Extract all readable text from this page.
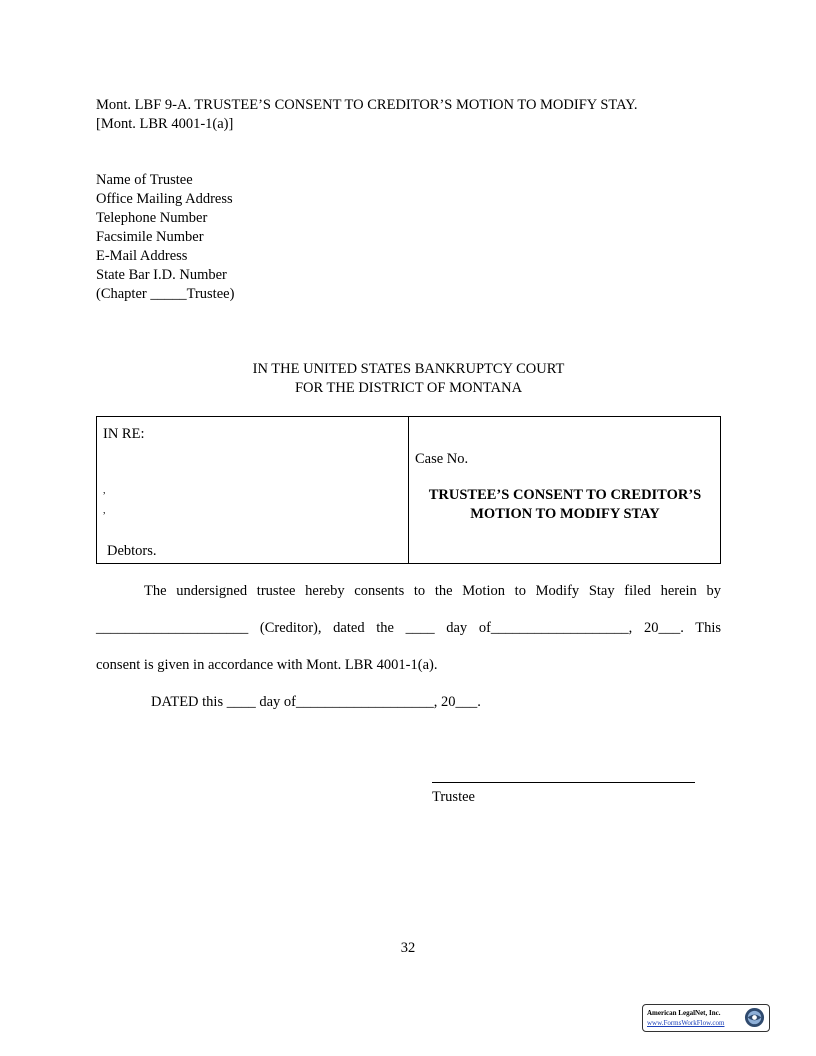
Mont. LBF 9-A. TRUSTEE’S CONSENT TO CREDITOR’S MOTION TO MODIFY STAY.
[Mont. LBR 4001-1(a)]
Name of Trustee
Office Mailing Address
Telephone Number
Facsimile Number
E-Mail Address
State Bar I.D. Number
(Chapter _____Trustee)
IN THE UNITED STATES BANKRUPTCY COURT
FOR THE DISTRICT OF MONTANA
IN RE:
,
,
Debtors.
Case No.
TRUSTEE’S CONSENT TO CREDITOR’S MOTION TO MODIFY STAY
The undersigned trustee hereby consents to the Motion to Modify Stay filed herein by
_____________________ (Creditor), dated the ____ day of___________________, 20___. This
consent is given in accordance with Mont. LBR 4001-1(a).
DATED this ____ day of___________________, 20___.
Trustee
32
American LegalNet, Inc.
www.FormsWorkFlow.com
